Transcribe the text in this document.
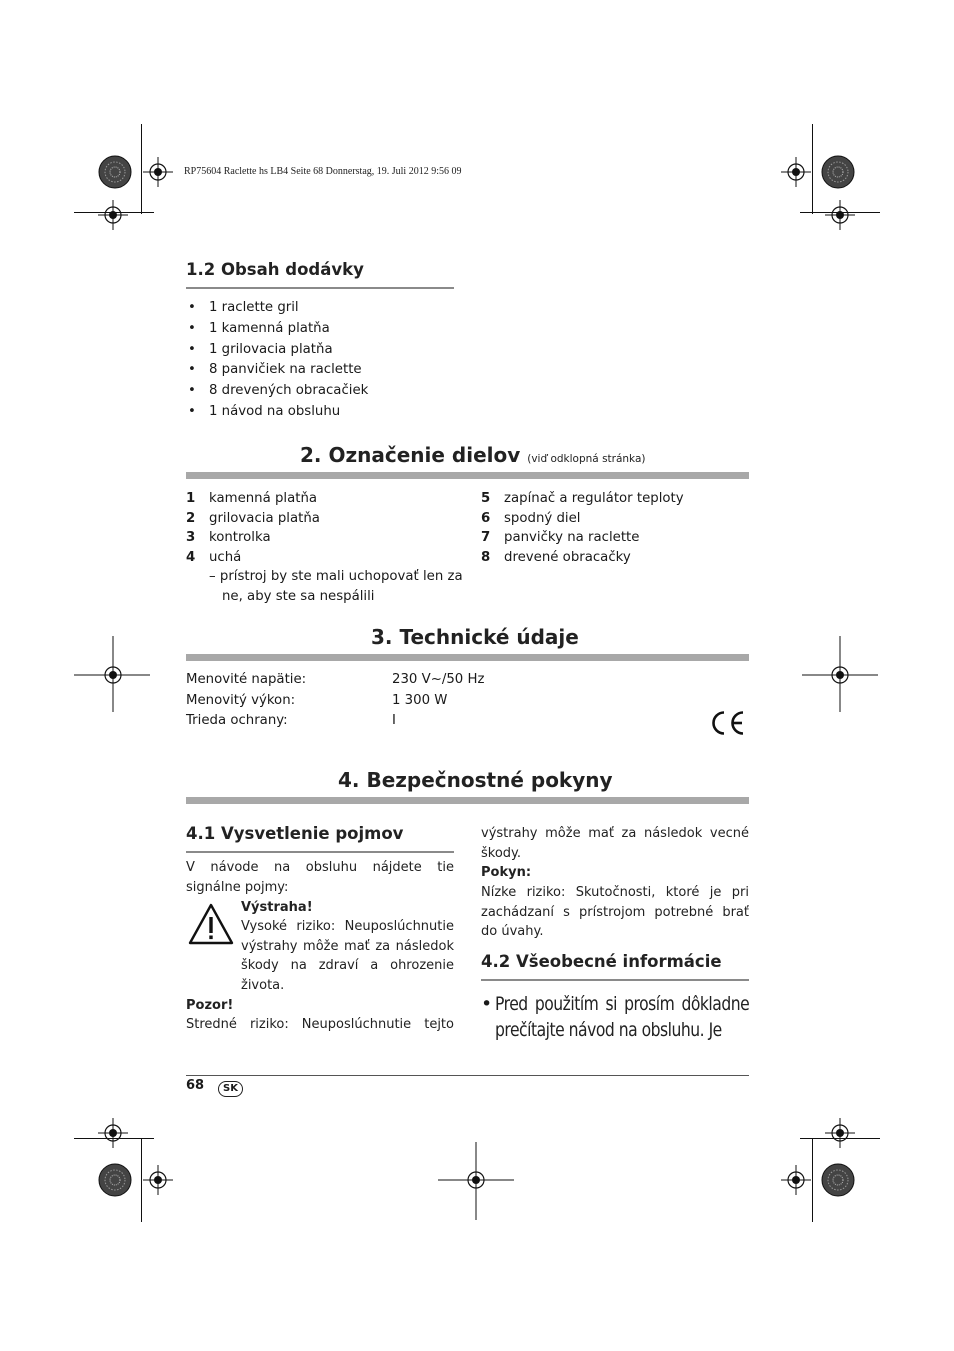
RP75604 Raclette hs LB4 Seite 68 Donnerstag, 19. Juli 2012 9:56 09
1.2 Obsah dodávky
• 1 raclette gril
• 1 kamenná platňa
• 1 grilovacia platňa
• 8 panvičiek na raclette
• 8 drevených obracačiek
• 1 návod na obsluhu
2. Označenie dielov (viď odklopná stránka)
1	kamenná platňa
2	grilovacia platňa
3	kontrolka
4	uchá
– prístroj by ste mali uchopovať len za
ne, aby ste sa nespálili
5	zapínač a regulátor teploty
6	spodný diel
7	panvičky na raclette
8	drevené obracačky
3. Technické údaje
Menovité napätie:	230 V~/50 Hz
Menovitý výkon:	1 300 W
Trieda ochrany:	I
4. Bezpečnostné pokyny
4.1 Vysvetlenie pojmov
V návode na obsluhu nájdete tie signálne pojmy:
Výstraha!
Vysoké riziko: Neuposlúchnutie výstrahy môže mať za následok škody na zdraví a ohrozenie života.
Pozor!
Stredné riziko: Neuposlúchnutie tejto
výstrahy môže mať za následok vecné škody.
Pokyn:
Nízke riziko: Skutočnosti, ktoré je pri zachádzaní s prístrojom potrebné brať do úvahy.
4.2 Všeobecné informácie
• Pred použitím si prosím dôkladne prečítajte návod na obsluhu. Je
68	SK
